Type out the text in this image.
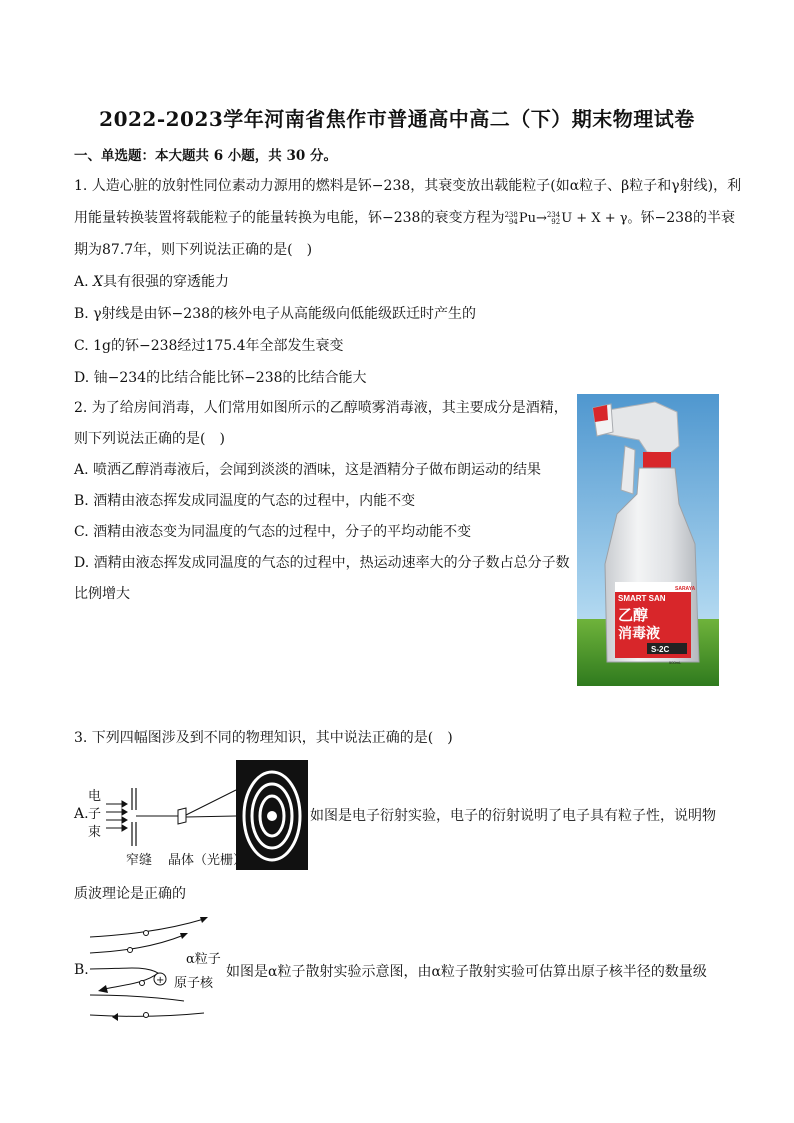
2022-2023学年河南省焦作市普通高中高二（下）期末物理试卷
一、单选题：本大题共 6 小题，共 30 分。
1. 人造心脏的放射性同位素动力源用的燃料是钚−238，其衰变放出载能粒子(如α粒子、β粒子和γ射线)，利
用能量转换装置将载能粒子的能量转换为电能，钚−238的衰变方程为238
94Pu→234
92U + X + γ。钚−238的半衰
期为87.7年，则下列说法正确的是(　)
A. X具有很强的穿透能力
B. γ射线是由钚−238的核外电子从高能级向低能级跃迁时产生的
C. 1g的钚−238经过175.4年全部发生衰变
D. 铀−234的比结合能比钚−238的比结合能大
2. 为了给房间消毒，人们常用如图所示的乙醇喷雾消毒液，其主要成分是酒精，
则下列说法正确的是(　)
A. 喷洒乙醇消毒液后，会闻到淡淡的酒味，这是酒精分子做布朗运动的结果
B. 酒精由液态挥发成同温度的气态的过程中，内能不变
C. 酒精由液态变为同温度的气态的过程中，分子的平均动能不变
D. 酒精由液态挥发成同温度的气态的过程中，热运动速率大的分子数占总分子数
比例增大	SARAYA
SMART SAN
乙醇
消毒液
S-2C
500mL
3. 下列四幅图涉及到不同的物理知识，其中说法正确的是(　)
A.
电
子
束
窄缝 晶体（光栅）
如图是电子衍射实验，电子的衍射说明了电子具有粒子性，说明物
质波理论是正确的
B.
+
α粒子
原子核
如图是α粒子散射实验示意图，由α粒子散射实验可估算出原子核半径的数量级
